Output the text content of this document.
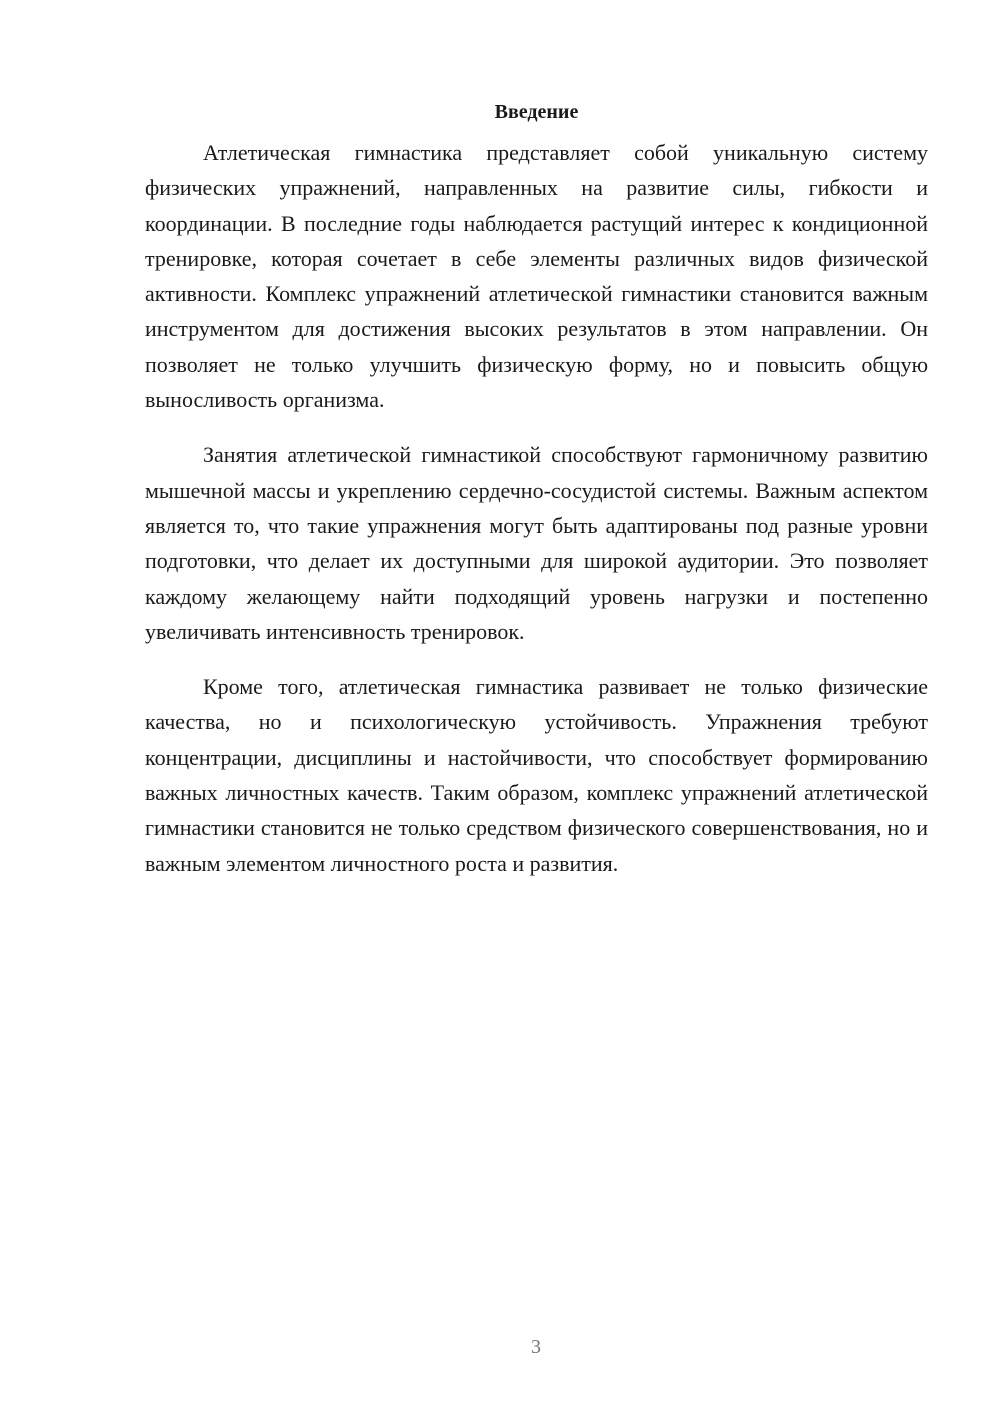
Введение

Атлетическая гимнастика представляет собой уникальную систему физических упражнений, направленных на развитие силы, гибкости и координации. В последние годы наблюдается растущий интерес к кондиционной тренировке, которая сочетает в себе элементы различных видов физической активности. Комплекс упражнений атлетической гимнастики становится важным инструментом для достижения высоких результатов в этом направлении. Он позволяет не только улучшить физическую форму, но и повысить общую выносливость организма.

Занятия атлетической гимнастикой способствуют гармоничному развитию мышечной массы и укреплению сердечно-сосудистой системы. Важным аспектом является то, что такие упражнения могут быть адаптированы под разные уровни подготовки, что делает их доступными для широкой аудитории. Это позволяет каждому желающему найти подходящий уровень нагрузки и постепенно увеличивать интенсивность тренировок.

Кроме того, атлетическая гимнастика развивает не только физические качества, но и психологическую устойчивость. Упражнения требуют концентрации, дисциплины и настойчивости, что способствует формированию важных личностных качеств. Таким образом, комплекс упражнений атлетической гимнастики становится не только средством физического совершенствования, но и важным элементом личностного роста и развития.

3
